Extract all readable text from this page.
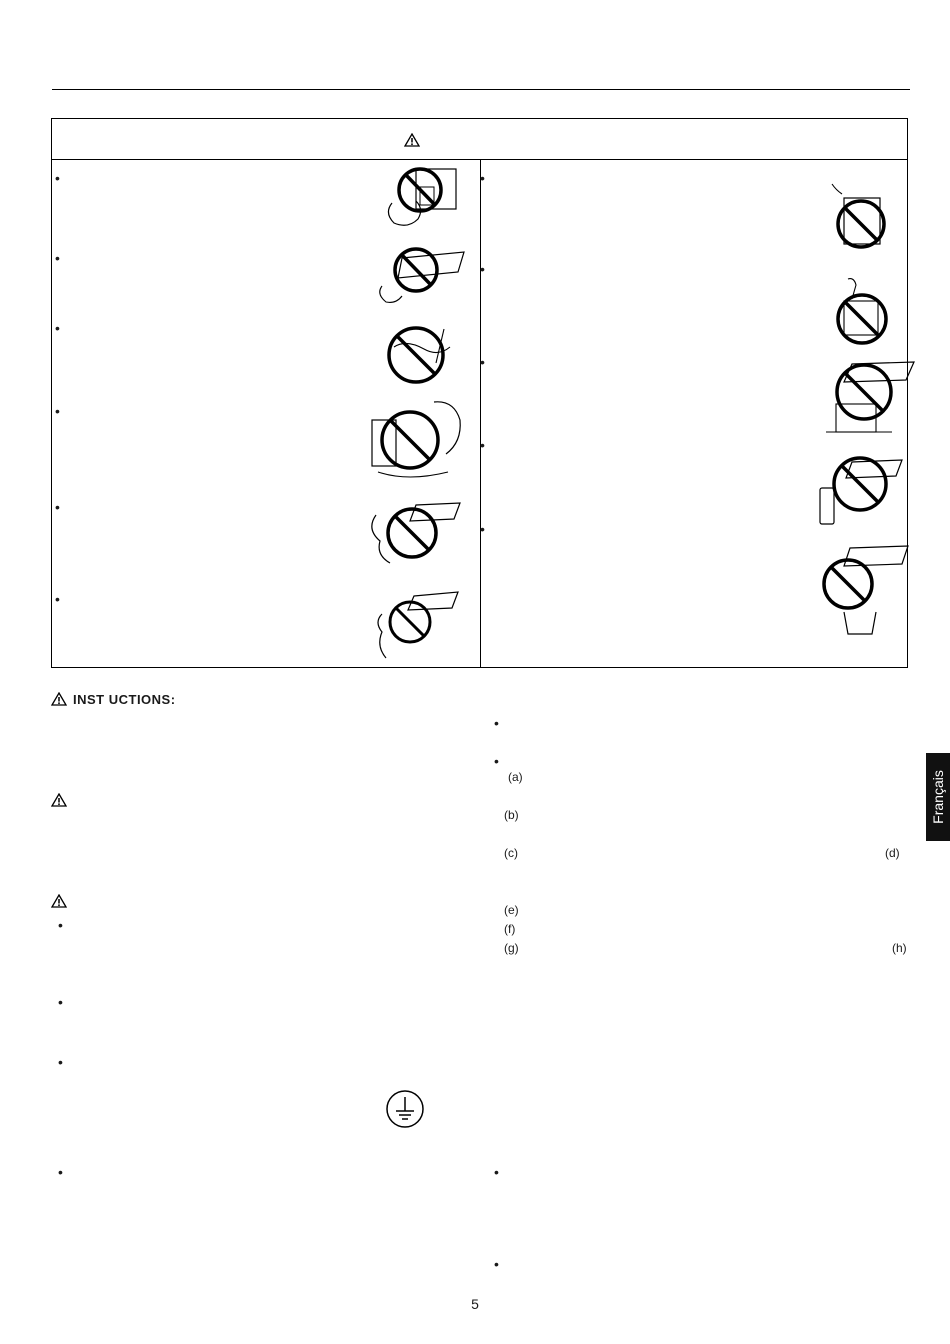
•
•
•
•
•
•
•
•
•
•
•
INST UCTIONS:
•
•
•
•
•
•
•
•
(a)
(b)
(c)	(d)
(e)
(f)
(g)	(h)
Français
5
